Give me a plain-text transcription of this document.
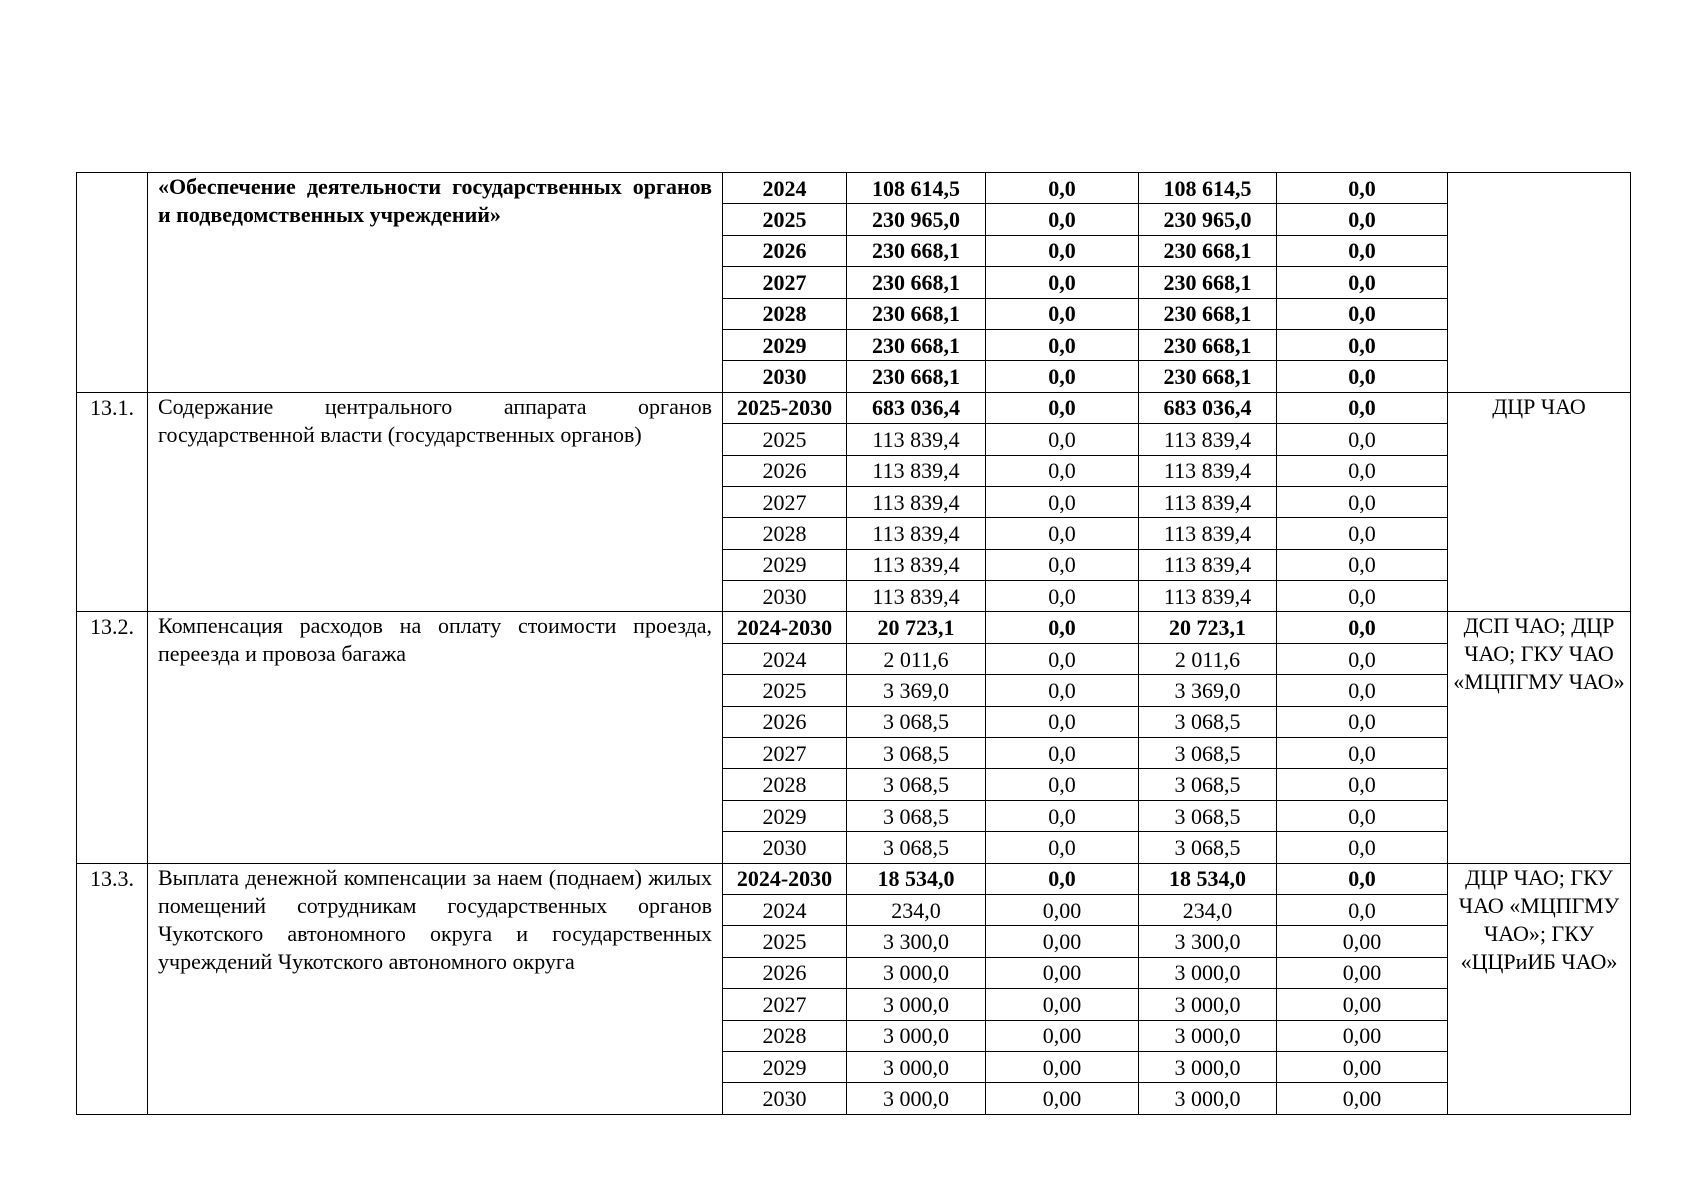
	«Обеспечение деятельности государственных органов и подведомственных учреждений»	2024	108 614,5	0,0	108 614,5	0,0	
		2025	230 965,0	0,0	230 965,0	0,0	
		2026	230 668,1	0,0	230 668,1	0,0	
		2027	230 668,1	0,0	230 668,1	0,0	
		2028	230 668,1	0,0	230 668,1	0,0	
		2029	230 668,1	0,0	230 668,1	0,0	
		2030	230 668,1	0,0	230 668,1	0,0	
13.1.	Содержание центрального аппарата органов государственной власти (государственных органов)	2025-2030	683 036,4	0,0	683 036,4	0,0	ДЦР ЧАО
		2025	113 839,4	0,0	113 839,4	0,0	
		2026	113 839,4	0,0	113 839,4	0,0	
		2027	113 839,4	0,0	113 839,4	0,0	
		2028	113 839,4	0,0	113 839,4	0,0	
		2029	113 839,4	0,0	113 839,4	0,0	
		2030	113 839,4	0,0	113 839,4	0,0	
13.2.	Компенсация расходов на оплату стоимости проезда, переезда и провоза багажа	2024-2030	20 723,1	0,0	20 723,1	0,0	ДСП ЧАО; ДЦР ЧАО; ГКУ ЧАО «МЦПГМУ ЧАО»
		2024	2 011,6	0,0	2 011,6	0,0	
		2025	3 369,0	0,0	3 369,0	0,0	
		2026	3 068,5	0,0	3 068,5	0,0	
		2027	3 068,5	0,0	3 068,5	0,0	
		2028	3 068,5	0,0	3 068,5	0,0	
		2029	3 068,5	0,0	3 068,5	0,0	
		2030	3 068,5	0,0	3 068,5	0,0	
13.3.	Выплата денежной компенсации за наем (поднаем) жилых помещений сотрудникам государственных органов Чукотского автономного округа и государственных учреждений Чукотского автономного округа	2024-2030	18 534,0	0,0	18 534,0	0,0	ДЦР ЧАО; ГКУ ЧАО «МЦПГМУ ЧАО»; ГКУ «ЦЦРиИБ ЧАО»
		2024	234,0	0,00	234,0	0,0	
		2025	3 300,0	0,00	3 300,0	0,00	
		2026	3 000,0	0,00	3 000,0	0,00	
		2027	3 000,0	0,00	3 000,0	0,00	
		2028	3 000,0	0,00	3 000,0	0,00	
		2029	3 000,0	0,00	3 000,0	0,00	
		2030	3 000,0	0,00	3 000,0	0,00	
